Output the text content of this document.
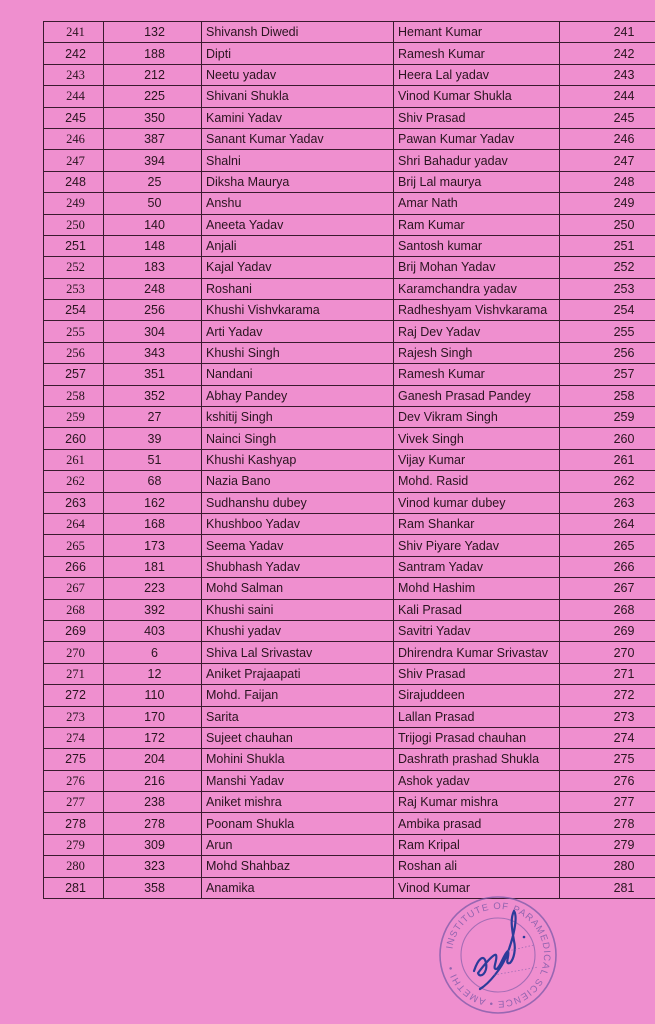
241	132	Shivansh Diwedi	Hemant Kumar	241
242	188	Dipti	Ramesh Kumar	242
243	212	Neetu yadav	Heera Lal yadav	243
244	225	Shivani Shukla	Vinod Kumar Shukla	244
245	350	Kamini Yadav	Shiv Prasad	245
246	387	Sanant Kumar Yadav	Pawan Kumar Yadav	246
247	394	Shalni	Shri Bahadur yadav	247
248	25	Diksha Maurya	Brij Lal maurya	248
249	50	Anshu	Amar Nath	249
250	140	Aneeta Yadav	Ram Kumar	250
251	148	Anjali	Santosh kumar	251
252	183	Kajal Yadav	Brij Mohan Yadav	252
253	248	Roshani	Karamchandra yadav	253
254	256	Khushi Vishvkarama	Radheshyam Vishvkarama	254
255	304	Arti Yadav	Raj Dev Yadav	255
256	343	Khushi Singh	Rajesh Singh	256
257	351	Nandani	Ramesh Kumar	257
258	352	Abhay Pandey	Ganesh Prasad Pandey	258
259	27	kshitij Singh	Dev Vikram Singh	259
260	39	Nainci Singh	Vivek Singh	260
261	51	Khushi Kashyap	Vijay Kumar	261
262	68	Nazia Bano	Mohd. Rasid	262
263	162	Sudhanshu dubey	Vinod kumar dubey	263
264	168	Khushboo Yadav	Ram Shankar	264
265	173	Seema Yadav	Shiv Piyare Yadav	265
266	181	Shubhash Yadav	Santram Yadav	266
267	223	Mohd Salman	Mohd Hashim	267
268	392	Khushi saini	Kali Prasad	268
269	403	Khushi yadav	Savitri Yadav	269
270	6	Shiva Lal Srivastav	Dhirendra Kumar Srivastav	270
271	12	Aniket Prajaapati	Shiv Prasad	271
272	110	Mohd. Faijan	Sirajuddeen	272
273	170	Sarita	Lallan Prasad	273
274	172	Sujeet chauhan	Trijogi Prasad chauhan	274
275	204	Mohini Shukla	Dashrath prashad Shukla	275
276	216	Manshi Yadav	Ashok yadav	276
277	238	Aniket mishra	Raj Kumar mishra	277
278	278	Poonam Shukla	Ambika prasad	278
279	309	Arun	Ram Kripal	279
280	323	Mohd Shahbaz	Roshan ali	280
281	358	Anamika	Vinod Kumar	281
INSTITUTE OF PARAMEDICAL SCIENCE • AMETHI •
